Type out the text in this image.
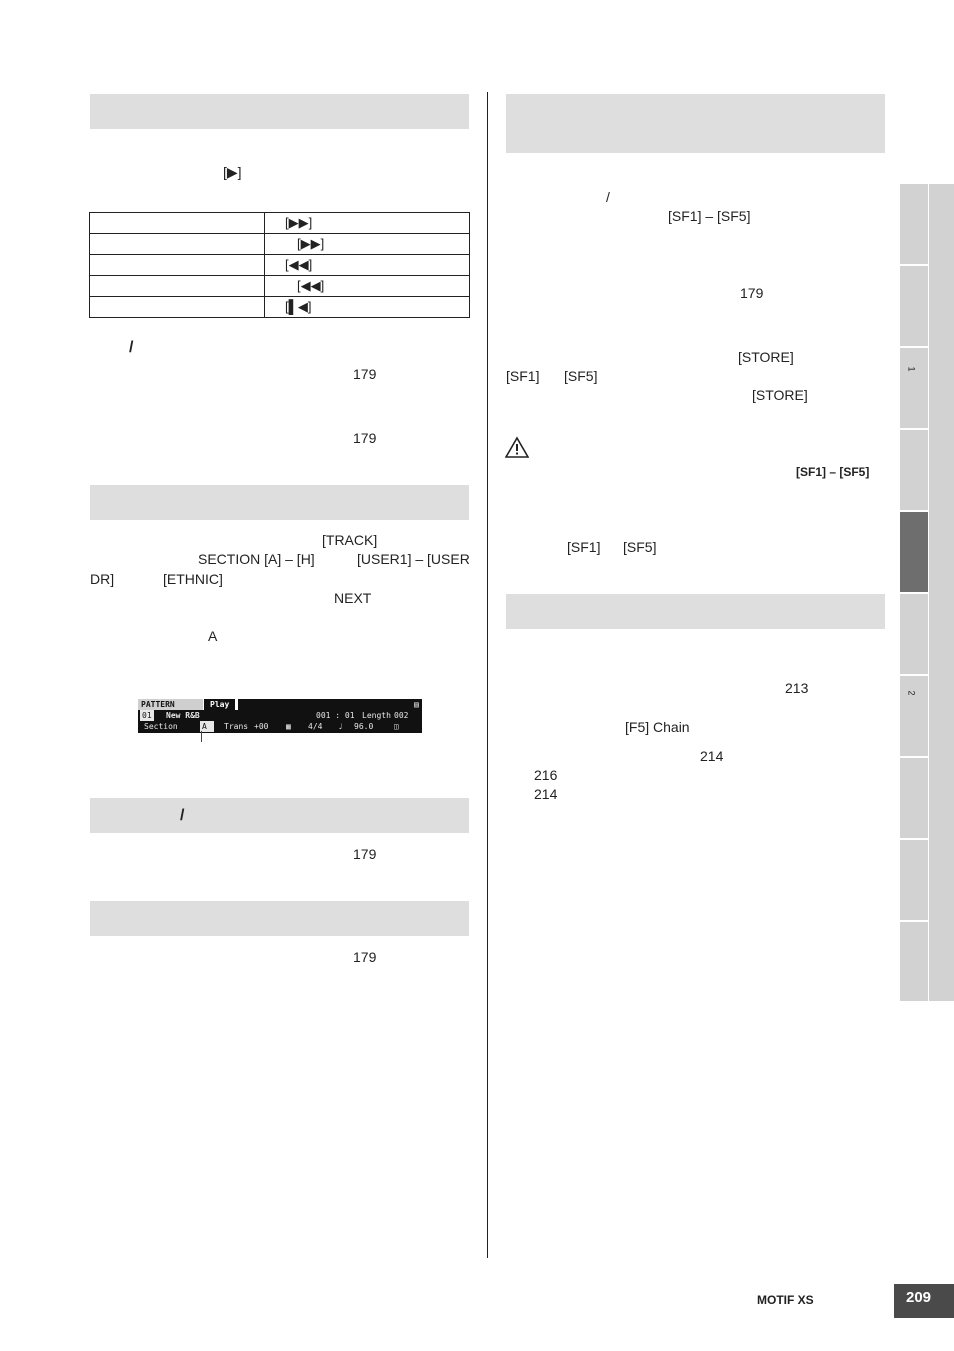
[▶]
	[▶▶]
	[▶▶]
	[◀◀]
	[◀◀]
	[▌◀]
/
179
179
[TRACK]
SECTION [A] – [H]	[USER1] – [USER
DR]	[ETHNIC]
NEXT
A
PATTERN	Play	▤
01 New R&B	001 : 01 Length 002
Section	A	Trans +00 ▦ 4/4 ♩ 96.0	◫
/
179
179
/
[SF1] – [SF5]
179
[STORE]
[SF1] [SF5]
[STORE]
[SF1] – [SF5]
[SF1] [SF5]
213
[F5] Chain
214
216
214
1
2
MOTIF XS	209
